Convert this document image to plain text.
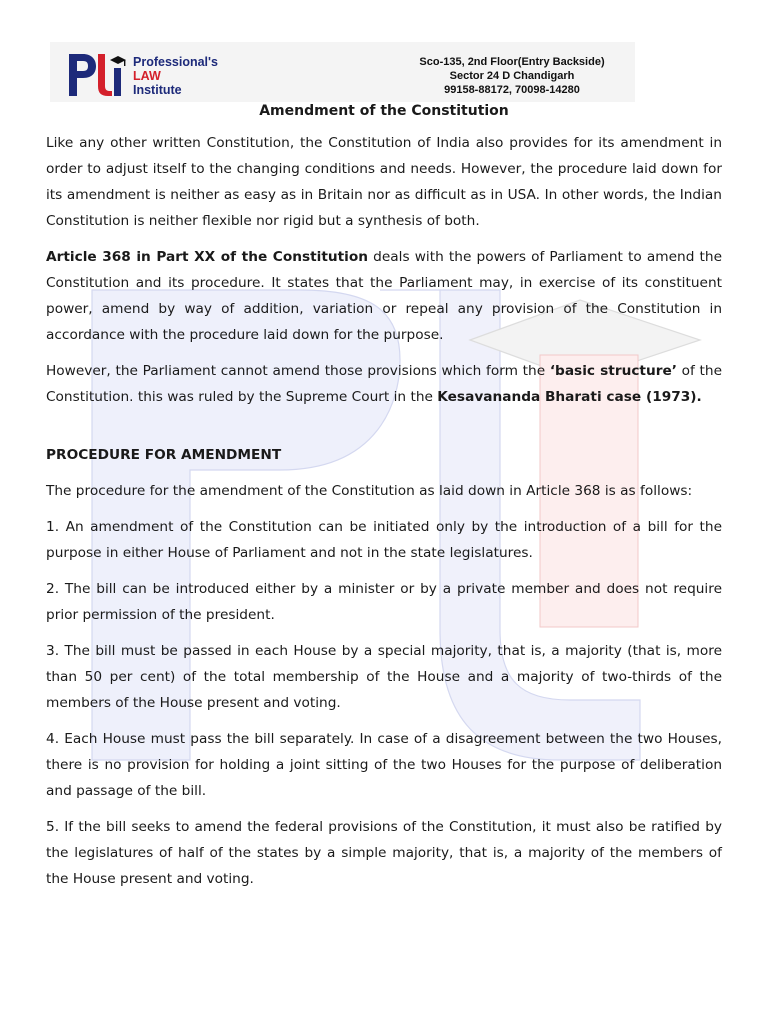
Professional's
LAW
Institute
Sco-135, 2nd Floor(Entry Backside)
Sector 24 D Chandigarh
99158-88172, 70098-14280
Amendment of the Constitution

Like any other written Constitution, the Constitution of India also provides for its amendment in order to adjust itself to the changing conditions and needs. However, the procedure laid down for its amendment is neither as easy as in Britain nor as difficult as in USA. In other words, the Indian Constitution is neither flexible nor rigid but a synthesis of both.

Article 368 in Part XX of the Constitution deals with the powers of Parliament to amend the Constitution and its procedure. It states that the Parliament may, in exercise of its constituent power, amend by way of addition, variation or repeal any provision of the Constitution in accordance with the procedure laid down for the purpose.

However, the Parliament cannot amend those provisions which form the ‘basic structure’ of the Constitution. this was ruled by the Supreme Court in the Kesavananda Bharati case (1973).

PROCEDURE FOR AMENDMENT

The procedure for the amendment of the Constitution as laid down in Article 368 is as follows:

1. An amendment of the Constitution can be initiated only by the introduction of a bill for the purpose in either House of Parliament and not in the state legislatures.

2. The bill can be introduced either by a minister or by a private member and does not require prior permission of the president.

3. The bill must be passed in each House by a special majority, that is, a majority (that is, more than 50 per cent) of the total membership of the House and a majority of two-thirds of the members of the House present and voting.

4. Each House must pass the bill separately. In case of a disagreement between the two Houses, there is no provision for holding a joint sitting of the two Houses for the purpose of deliberation and passage of the bill.

5. If the bill seeks to amend the federal provisions of the Constitution, it must also be ratified by the legislatures of half of the states by a simple majority, that is, a majority of the members of the House present and voting.
